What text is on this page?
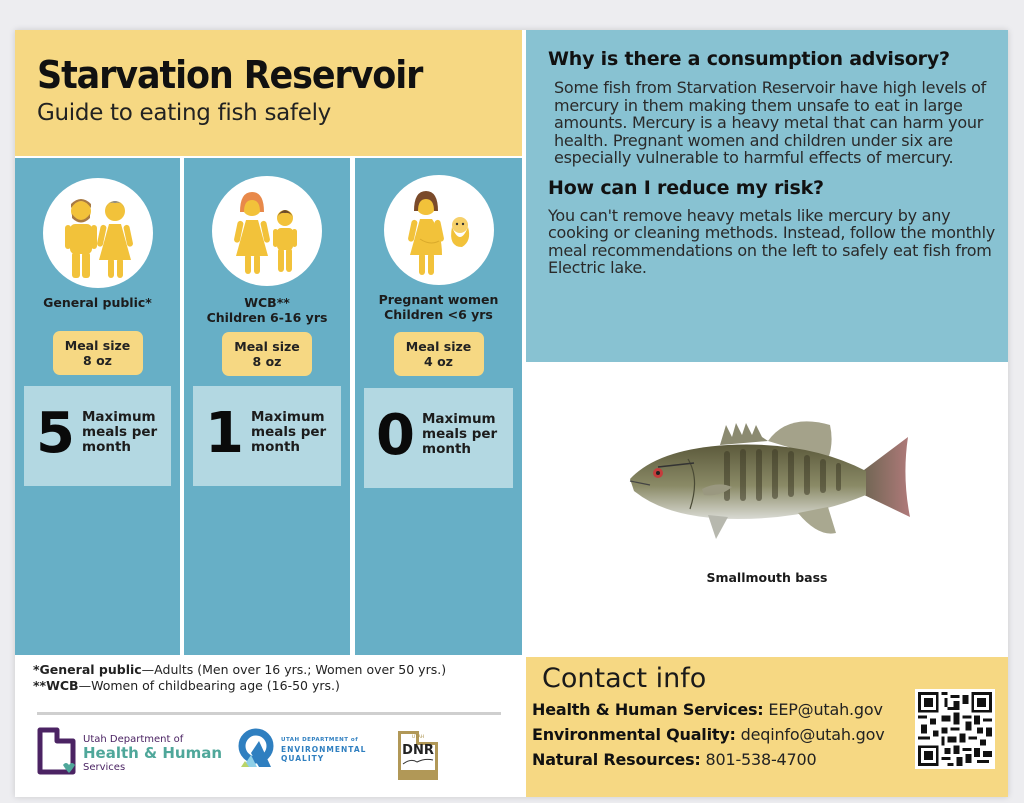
Starvation Reservoir
Guide to eating fish safely
General public*
Meal size
8 oz
5 Maximum
meals per
month
WCB**
Children 6-16 yrs
Meal size
8 oz
1 Maximum
meals per
month
Pregnant women
Children <6 yrs
Meal size
4 oz
0 Maximum
meals per
month
*General public—Adults (Men over 16 yrs.; Women over 50 yrs.)
**WCB—Women of childbearing age (16-50 yrs.)
Utah Department of
Health & Human
Services
UTAH DEPARTMENT of
ENVIRONMENTAL
QUALITY
UTAH
DNR
Why is there a consumption advisory?
Some fish from Starvation Reservoir have high levels of mercury in them making them unsafe to eat in large amounts. Mercury is a heavy metal that can harm your health. Pregnant women and children under six are especially vulnerable to harmful effects of mercury.
How can I reduce my risk?
You can't remove heavy metals like mercury by any cooking or cleaning methods. Instead, follow the monthly meal recommendations on the left to safely eat fish from Electric lake.
Smallmouth bass
Contact info
Health & Human Services: EEP@utah.gov
Environmental Quality: deqinfo@utah.gov
Natural Resources: 801-538-4700
